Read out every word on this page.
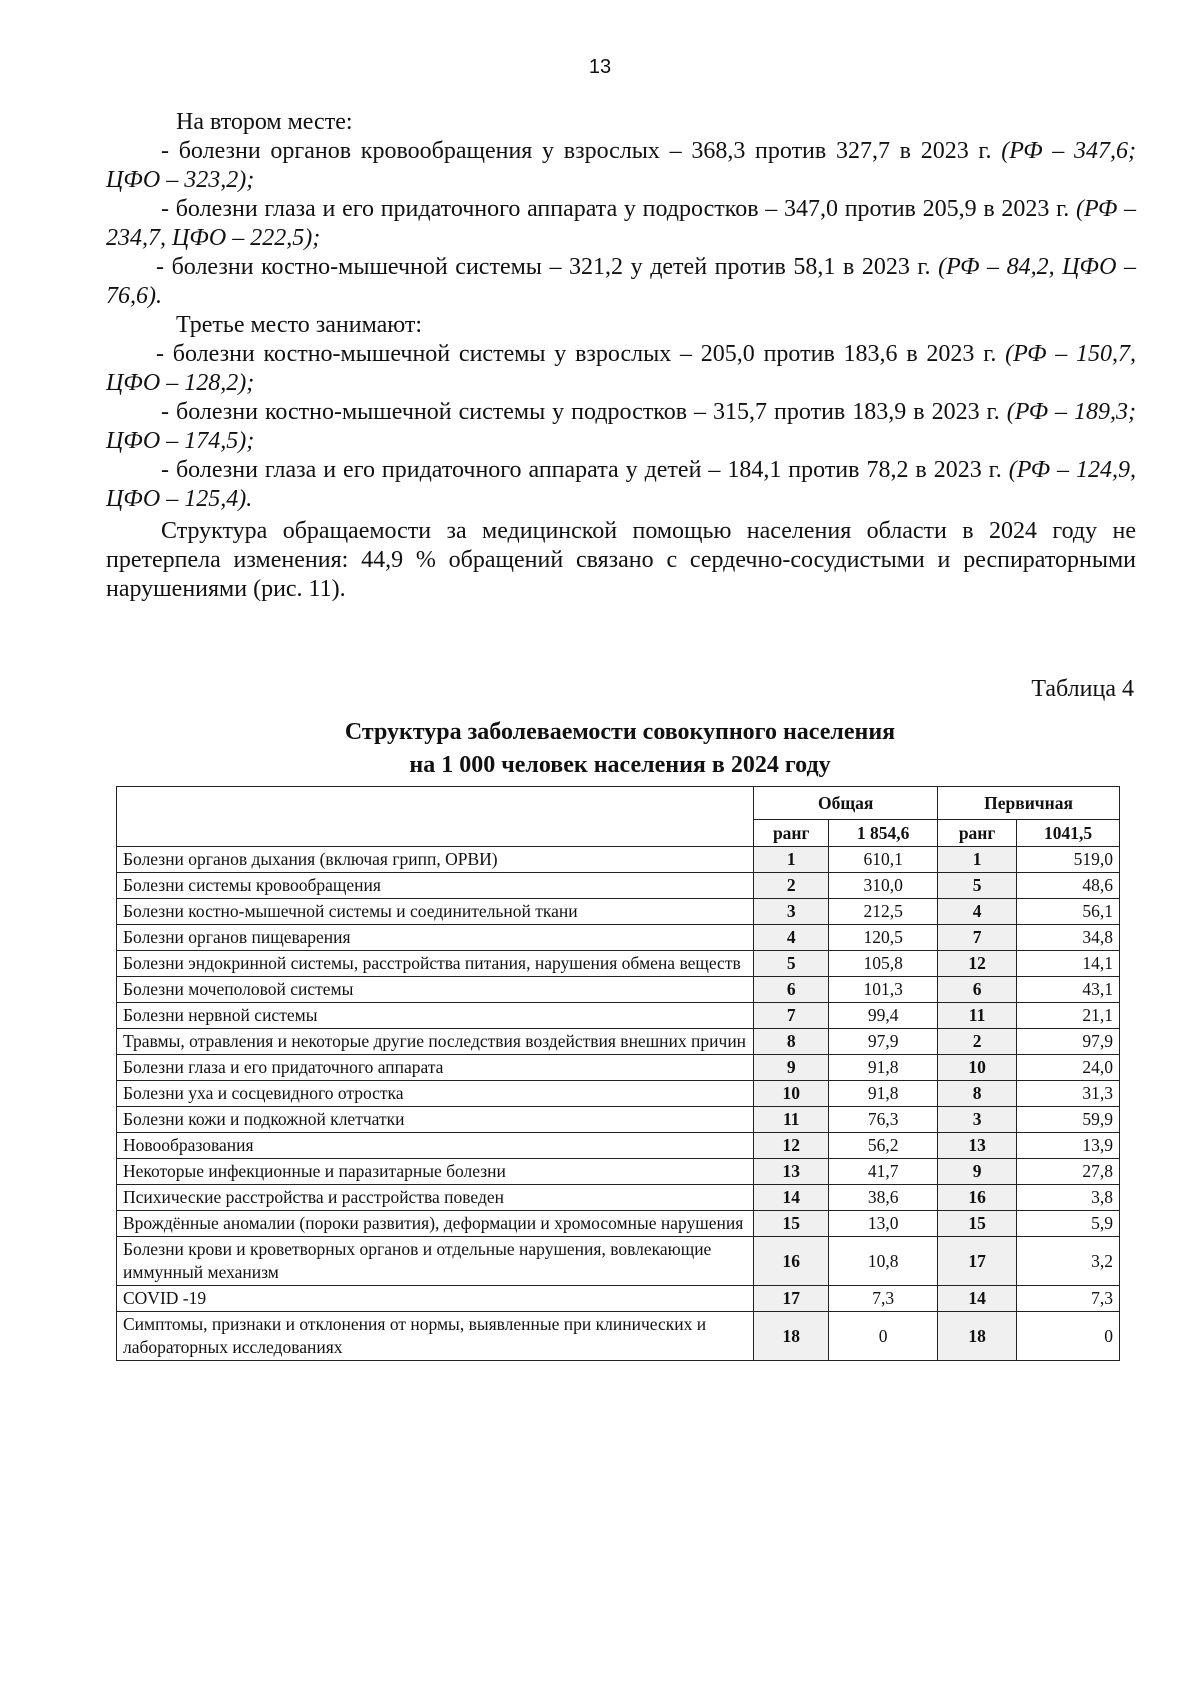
13

На втором месте:

- болезни органов кровообращения у взрослых – 368,3 против 327,7 в 2023 г. (РФ – 347,6; ЦФО – 323,2);

- болезни глаза и его придаточного аппарата у подростков – 347,0 против 205,9 в 2023 г. (РФ – 234,7, ЦФО – 222,5);

- болезни костно-мышечной системы – 321,2 у детей против 58,1 в 2023 г. (РФ – 84,2, ЦФО – 76,6).

Третье место занимают:

- болезни костно-мышечной системы у взрослых – 205,0 против 183,6 в 2023 г. (РФ – 150,7, ЦФО – 128,2);

- болезни костно-мышечной системы у подростков – 315,7 против 183,9 в 2023 г. (РФ – 189,3; ЦФО – 174,5);

- болезни глаза и его придаточного аппарата у детей – 184,1 против 78,2 в 2023 г. (РФ – 124,9, ЦФО – 125,4).

Структура обращаемости за медицинской помощью населения области в 2024 году не претерпела изменения: 44,9 % обращений связано с сердечно-сосудистыми и респираторными нарушениями (рис. 11).

Таблица 4
Структура заболеваемости совокупного населения
на 1 000 человек населения в 2024 году
	Общая		Первичная	
	ранг	1 854,6	ранг	1041,5
Болезни органов дыхания (включая грипп, ОРВИ)	1	610,1	1	519,0
Болезни системы кровообращения	2	310,0	5	48,6
Болезни костно-мышечной системы и соединительной ткани	3	212,5	4	56,1
Болезни органов пищеварения	4	120,5	7	34,8
Болезни эндокринной системы, расстройства питания, нарушения обмена веществ	5	105,8	12	14,1
Болезни мочеполовой системы	6	101,3	6	43,1
Болезни нервной системы	7	99,4	11	21,1
Травмы, отравления и некоторые другие последствия воздействия внешних причин	8	97,9	2	97,9
Болезни глаза и его придаточного аппарата	9	91,8	10	24,0
Болезни уха и сосцевидного отростка	10	91,8	8	31,3
Болезни кожи и подкожной клетчатки	11	76,3	3	59,9
Новообразования	12	56,2	13	13,9
Некоторые инфекционные и паразитарные болезни	13	41,7	9	27,8
Психические расстройства и расстройства поведен	14	38,6	16	3,8
Врождённые аномалии (пороки развития), деформации и хромосомные нарушения	15	13,0	15	5,9
Болезни крови и кроветворных органов и отдельные нарушения, вовлекающие иммунный механизм	16	10,8	17	3,2
COVID -19	17	7,3	14	7,3
Симптомы, признаки и отклонения от нормы, выявленные при клинических и лабораторных исследованиях	18	0	18	0
